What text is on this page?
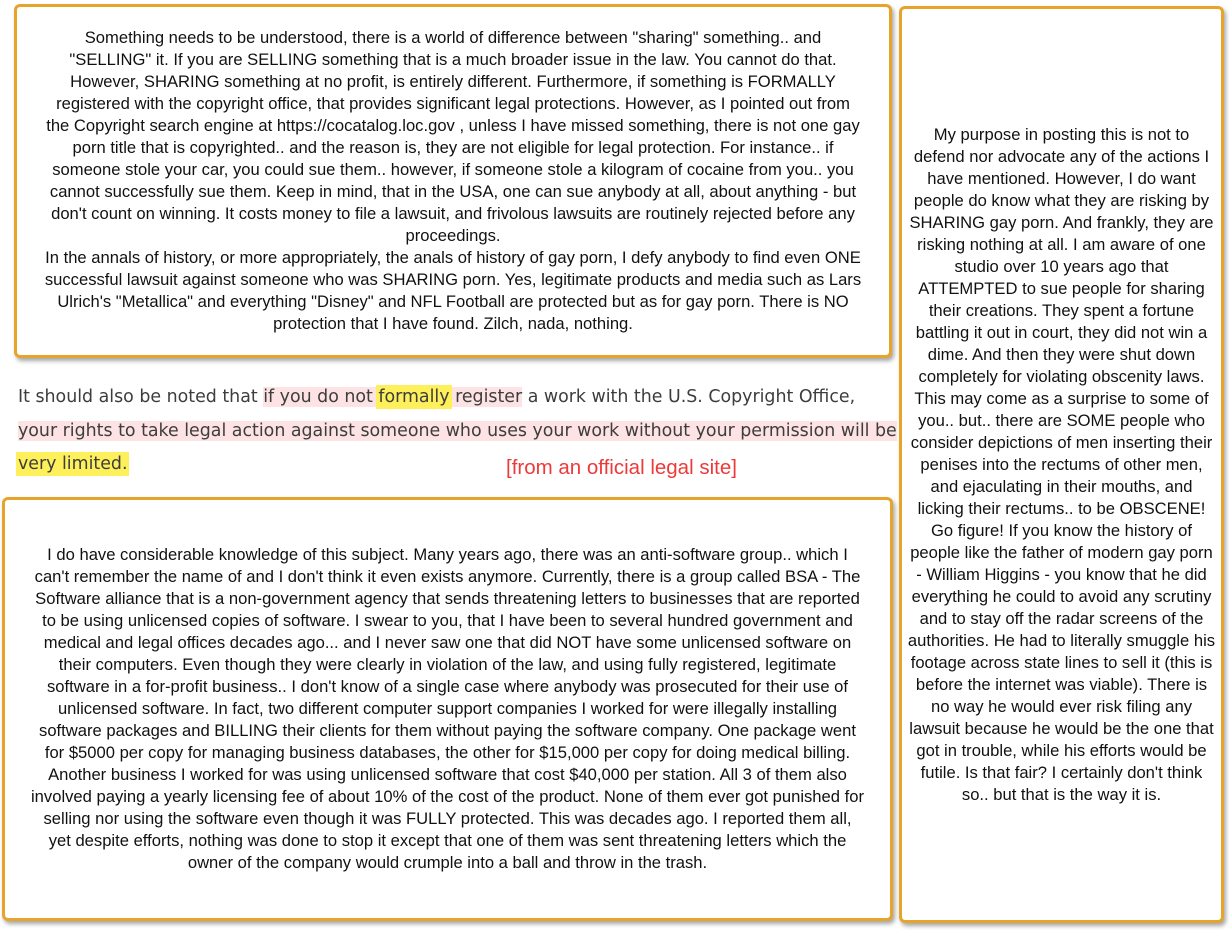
Something needs to be understood, there is a world of difference between "sharing" something.. and "SELLING" it. If you are SELLING something that is a much broader issue in the law. You cannot do that. However, SHARING something at no profit, is entirely different. Furthermore, if something is FORMALLY registered with the copyright office, that provides significant legal protections. However, as I pointed out from the Copyright search engine at https://cocatalog.loc.gov , unless I have missed something, there is not one gay porn title that is copyrighted.. and the reason is, they are not eligible for legal protection. For instance.. if someone stole your car, you could sue them.. however, if someone stole a kilogram of cocaine from you.. you cannot successfully sue them. Keep in mind, that in the USA, one can sue anybody at all, about anything - but don't count on winning. It costs money to file a lawsuit, and frivolous lawsuits are routinely rejected before any proceedings.
In the annals of history, or more appropriately, the anals of history of gay porn, I defy anybody to find even ONE successful lawsuit against someone who was SHARING porn. Yes, legitimate products and media such as Lars Ulrich's "Metallica" and everything "Disney" and NFL Football are protected but as for gay porn. There is NO protection that I have found. Zilch, nada, nothing.

It should also be noted that if you do not formally register a work with the U.S. Copyright Office, your rights to take legal action against someone who uses your work without your permission will be very limited.	[from an official legal site]

I do have considerable knowledge of this subject. Many years ago, there was an anti-software group.. which I can't remember the name of and I don't think it even exists anymore. Currently, there is a group called BSA - The Software alliance that is a non-government agency that sends threatening letters to businesses that are reported to be using unlicensed copies of software. I swear to you, that I have been to several hundred government and medical and legal offices decades ago... and I never saw one that did NOT have some unlicensed software on their computers. Even though they were clearly in violation of the law, and using fully registered, legitimate software in a for-profit business.. I don't know of a single case where anybody was prosecuted for their use of unlicensed software. In fact, two different computer support companies I worked for were illegally installing software packages and BILLING their clients for them without paying the software company. One package went for $5000 per copy for managing business databases, the other for $15,000 per copy for doing medical billing. Another business I worked for was using unlicensed software that cost $40,000 per station. All 3 of them also involved paying a yearly licensing fee of about 10% of the cost of the product. None of them ever got punished for selling nor using the software even though it was FULLY protected. This was decades ago. I reported them all, yet despite efforts, nothing was done to stop it except that one of them was sent threatening letters which the owner of the company would crumple into a ball and throw in the trash.

My purpose in posting this is not to defend nor advocate any of the actions I have mentioned. However, I do want people do know what they are risking by SHARING gay porn. And frankly, they are risking nothing at all. I am aware of one studio over 10 years ago that ATTEMPTED to sue people for sharing their creations. They spent a fortune battling it out in court, they did not win a dime. And then they were shut down completely for violating obscenity laws. This may come as a surprise to some of you.. but.. there are SOME people who consider depictions of men inserting their penises into the rectums of other men, and ejaculating in their mouths, and licking their rectums.. to be OBSCENE! Go figure! If you know the history of people like the father of modern gay porn - William Higgins - you know that he did everything he could to avoid any scrutiny and to stay off the radar screens of the authorities. He had to literally smuggle his footage across state lines to sell it (this is before the internet was viable). There is no way he would ever risk filing any lawsuit because he would be the one that got in trouble, while his efforts would be futile. Is that fair? I certainly don't think so.. but that is the way it is.
